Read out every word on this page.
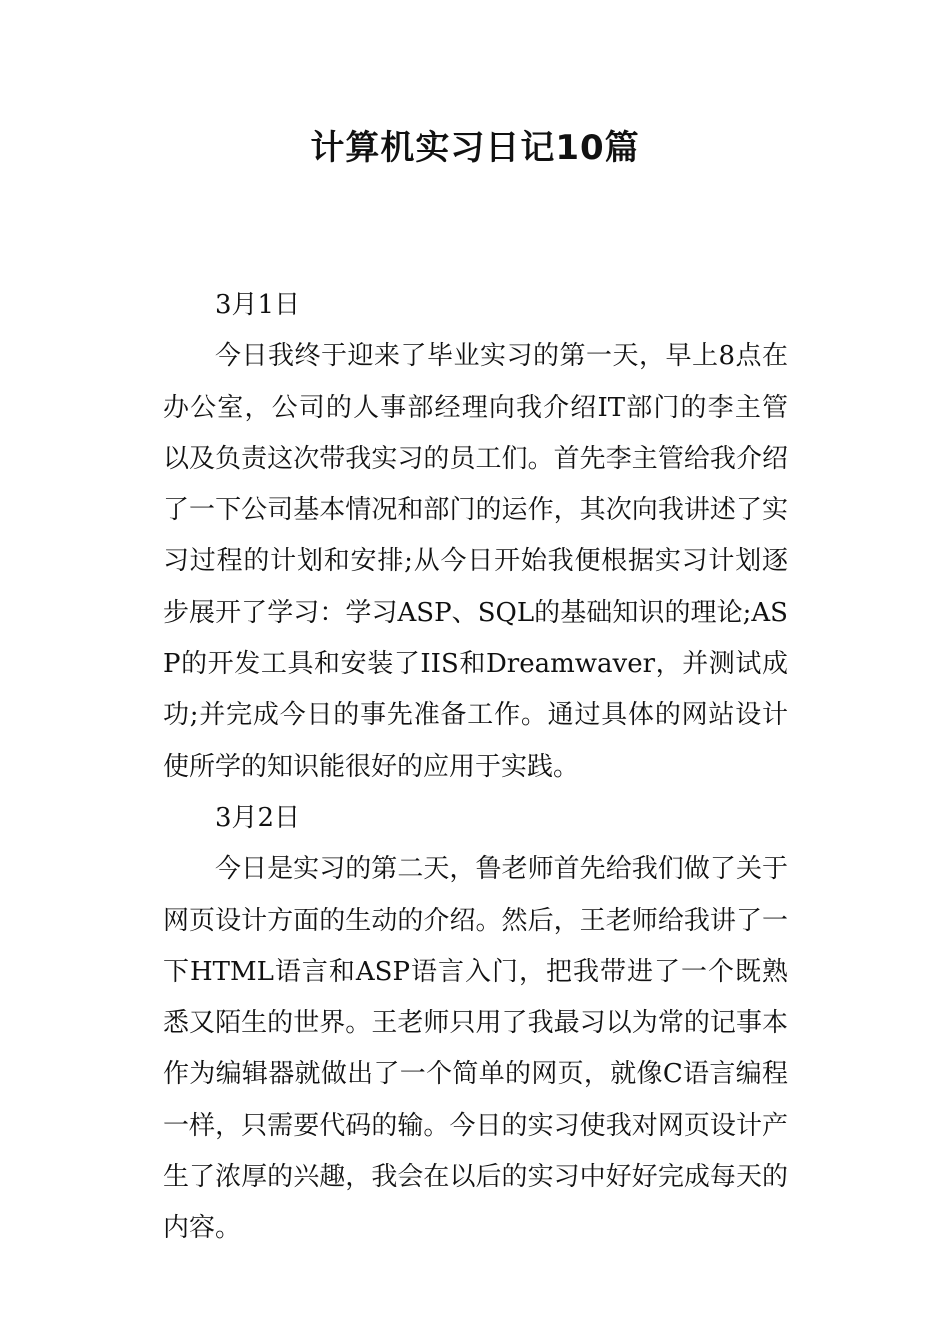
计算机实习日记10篇

3月1日

今日我终于迎来了毕业实习的第一天，早上8点在办公室，公司的人事部经理向我介绍IT部门的李主管以及负责这次带我实习的员工们。首先李主管给我介绍了一下公司基本情况和部门的运作，其次向我讲述了实习过程的计划和安排;从今日开始我便根据实习计划逐步展开了学习：学习ASP、SQL的基础知识的理论;ASP的开发工具和安装了IIS和Dreamwaver，并测试成功;并完成今日的事先准备工作。通过具体的网站设计使所学的知识能很好的应用于实践。

3月2日

今日是实习的第二天，鲁老师首先给我们做了关于网页设计方面的生动的介绍。然后，王老师给我讲了一下HTML语言和ASP语言入门，把我带进了一个既熟悉又陌生的世界。王老师只用了我最习以为常的记事本作为编辑器就做出了一个简单的网页，就像C语言编程一样，只需要代码的输。今日的实习使我对网页设计产生了浓厚的兴趣，我会在以后的实习中好好完成每天的内容。
